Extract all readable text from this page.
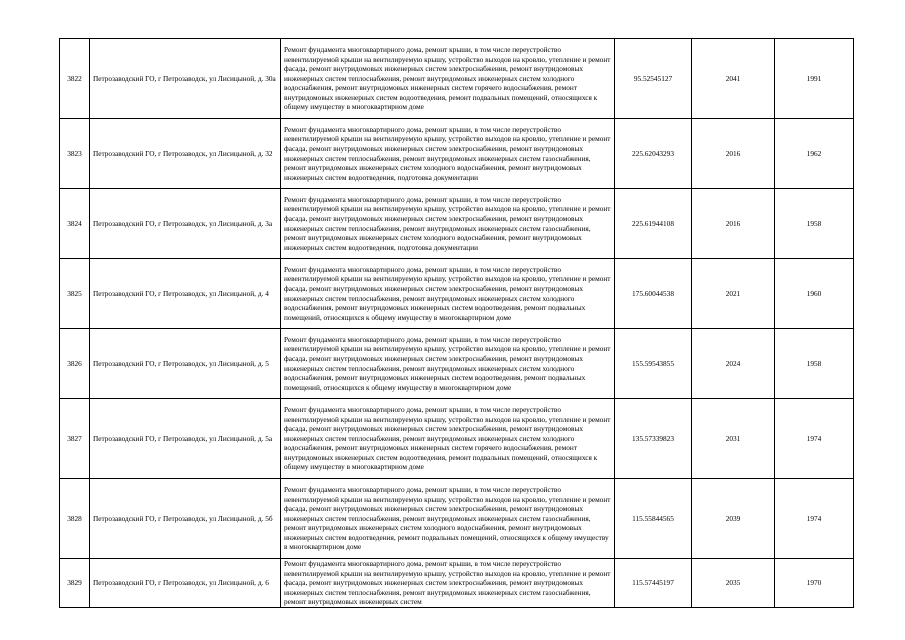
3822	Петрозаводский ГО, г Петрозаводск, ул Лисицыной, д. 30а	Ремонт фундамента многоквартирного дома, ремонт крыши, в том числе переустройство невентилируемой крыши на вентилируемую крышу, устройство выходов на кровлю, утепление и ремонт фасада, ремонт внутридомовых инженерных систем электроснабжения, ремонт внутридомовых инженерных систем теплоснабжения, ремонт внутридомовых инженерных систем холодного водоснабжения, ремонт внутридомовых инженерных систем горячего водоснабжения, ремонт внутридомовых инженерных систем водоотведения, ремонт подвальных помещений, относящихся к общему имуществу в многоквартирном доме	95.52545127	2041	1991
3823	Петрозаводский ГО, г Петрозаводск, ул Лисицыной, д. 32	Ремонт фундамента многоквартирного дома, ремонт крыши, в том числе переустройство невентилируемой крыши на вентилируемую крышу, устройство выходов на кровлю, утепление и ремонт фасада, ремонт внутридомовых инженерных систем электроснабжения, ремонт внутридомовых инженерных систем теплоснабжения, ремонт внутридомовых инженерных систем газоснабжения, ремонт внутридомовых инженерных систем холодного водоснабжения, ремонт внутридомовых инженерных систем водоотведения, подготовка документации	225.62043293	2016	1962
3824	Петрозаводский ГО, г Петрозаводск, ул Лисицыной, д. 3а	Ремонт фундамента многоквартирного дома, ремонт крыши, в том числе переустройство невентилируемой крыши на вентилируемую крышу, устройство выходов на кровлю, утепление и ремонт фасада, ремонт внутридомовых инженерных систем электроснабжения, ремонт внутридомовых инженерных систем теплоснабжения, ремонт внутридомовых инженерных систем газоснабжения, ремонт внутридомовых инженерных систем холодного водоснабжения, ремонт внутридомовых инженерных систем водоотведения, подготовка документации	225.61944108	2016	1958
3825	Петрозаводский ГО, г Петрозаводск, ул Лисицыной, д. 4	Ремонт фундамента многоквартирного дома, ремонт крыши, в том числе переустройство невентилируемой крыши на вентилируемую крышу, устройство выходов на кровлю, утепление и ремонт фасада, ремонт внутридомовых инженерных систем электроснабжения, ремонт внутридомовых инженерных систем теплоснабжения, ремонт внутридомовых инженерных систем холодного водоснабжения, ремонт внутридомовых инженерных систем водоотведения, ремонт подвальных помещений, относящихся к общему имуществу в многоквартирном доме	175.60044538	2021	1960
3826	Петрозаводский ГО, г Петрозаводск, ул Лисицыной, д. 5	Ремонт фундамента многоквартирного дома, ремонт крыши, в том числе переустройство невентилируемой крыши на вентилируемую крышу, устройство выходов на кровлю, утепление и ремонт фасада, ремонт внутридомовых инженерных систем электроснабжения, ремонт внутридомовых инженерных систем теплоснабжения, ремонт внутридомовых инженерных систем холодного водоснабжения, ремонт внутридомовых инженерных систем водоотведения, ремонт подвальных помещений, относящихся к общему имуществу в многоквартирном доме	155.59543855	2024	1958
3827	Петрозаводский ГО, г Петрозаводск, ул Лисицыной, д. 5а	Ремонт фундамента многоквартирного дома, ремонт крыши, в том числе переустройство невентилируемой крыши на вентилируемую крышу, устройство выходов на кровлю, утепление и ремонт фасада, ремонт внутридомовых инженерных систем электроснабжения, ремонт внутридомовых инженерных систем теплоснабжения, ремонт внутридомовых инженерных систем холодного водоснабжения, ремонт внутридомовых инженерных систем горячего водоснабжения, ремонт внутридомовых инженерных систем водоотведения, ремонт подвальных помещений, относящихся к общему имуществу в многоквартирном доме	135.57339823	2031	1974
3828	Петрозаводский ГО, г Петрозаводск, ул Лисицыной, д. 5б	Ремонт фундамента многоквартирного дома, ремонт крыши, в том числе переустройство невентилируемой крыши на вентилируемую крышу, устройство выходов на кровлю, утепление и ремонт фасада, ремонт внутридомовых инженерных систем электроснабжения, ремонт внутридомовых инженерных систем теплоснабжения, ремонт внутридомовых инженерных систем газоснабжения, ремонт внутридомовых инженерных систем холодного водоснабжения, ремонт внутридомовых инженерных систем водоотведения, ремонт подвальных помещений, относящихся к общему имуществу в многоквартирном доме	115.55844565	2039	1974
3829	Петрозаводский ГО, г Петрозаводск, ул Лисицыной, д. 6	Ремонт фундамента многоквартирного дома, ремонт крыши, в том числе переустройство невентилируемой крыши на вентилируемую крышу, устройство выходов на кровлю, утепление и ремонт фасада, ремонт внутридомовых инженерных систем электроснабжения, ремонт внутридомовых инженерных систем теплоснабжения, ремонт внутридомовых инженерных систем газоснабжения, ремонт внутридомовых инженерных систем	115.57445197	2035	1970
